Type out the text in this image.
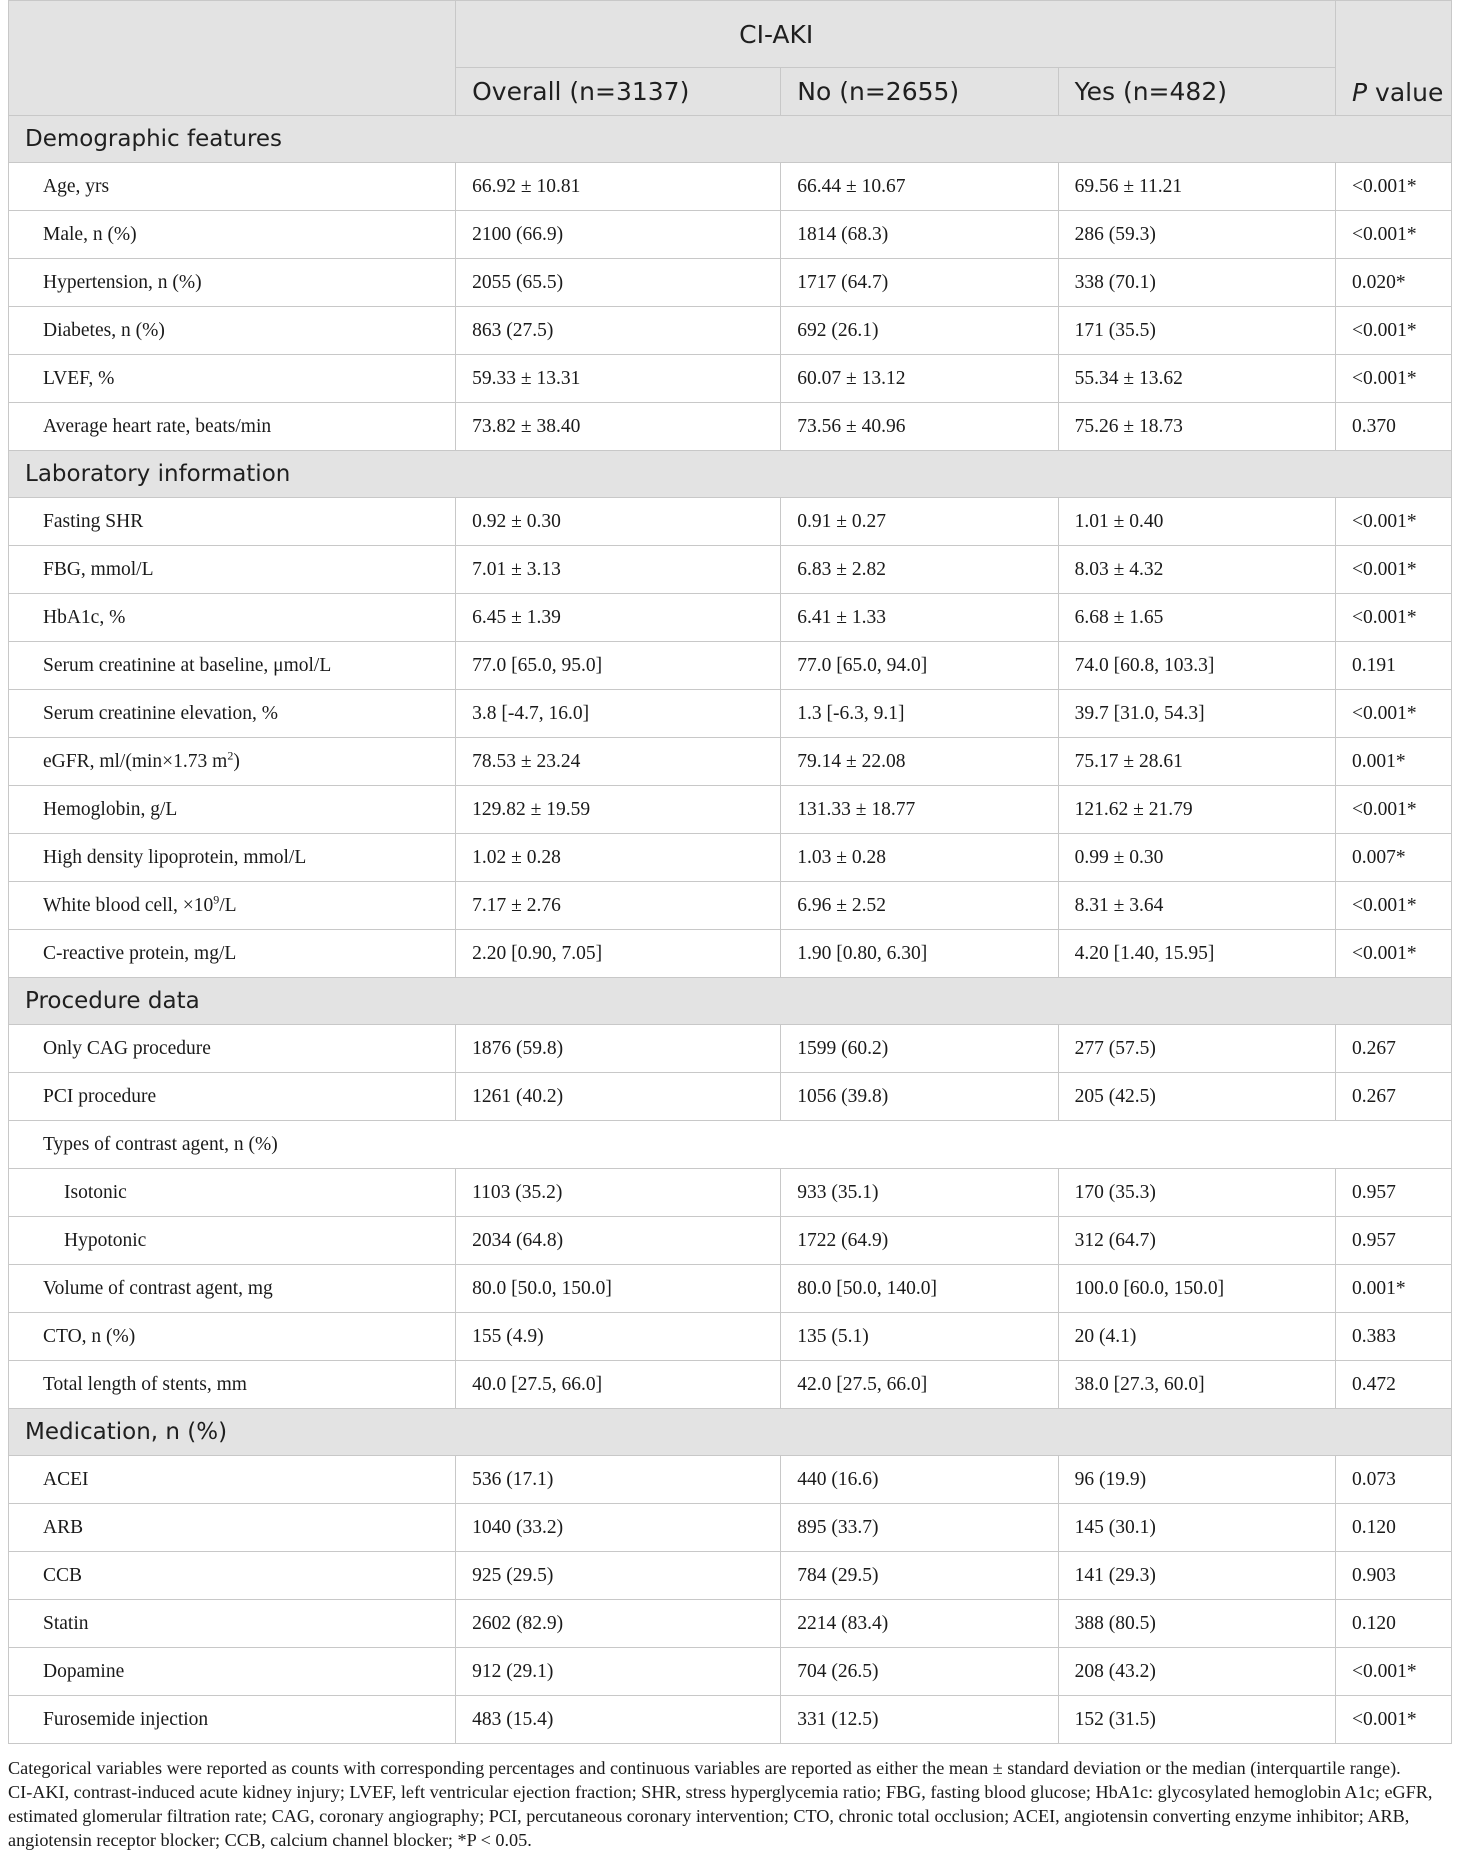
	CI-AKI			P value
	Overall (n=3137)	No (n=2655)	Yes (n=482)	
Demographic features				
Age, yrs	66.92 ± 10.81	66.44 ± 10.67	69.56 ± 11.21	<0.001*
Male, n (%)	2100 (66.9)	1814 (68.3)	286 (59.3)	<0.001*
Hypertension, n (%)	2055 (65.5)	1717 (64.7)	338 (70.1)	0.020*
Diabetes, n (%)	863 (27.5)	692 (26.1)	171 (35.5)	<0.001*
LVEF, %	59.33 ± 13.31	60.07 ± 13.12	55.34 ± 13.62	<0.001*
Average heart rate, beats/min	73.82 ± 38.40	73.56 ± 40.96	75.26 ± 18.73	0.370
Laboratory information				
Fasting SHR	0.92 ± 0.30	0.91 ± 0.27	1.01 ± 0.40	<0.001*
FBG, mmol/L	7.01 ± 3.13	6.83 ± 2.82	8.03 ± 4.32	<0.001*
HbA1c, %	6.45 ± 1.39	6.41 ± 1.33	6.68 ± 1.65	<0.001*
Serum creatinine at baseline, μmol/L	77.0 [65.0, 95.0]	77.0 [65.0, 94.0]	74.0 [60.8, 103.3]	0.191
Serum creatinine elevation, %	3.8 [-4.7, 16.0]	1.3 [-6.3, 9.1]	39.7 [31.0, 54.3]	<0.001*
eGFR, ml/(min×1.73 $m^2$)	78.53 ± 23.24	79.14 ± 22.08	75.17 ± 28.61	0.001*
Hemoglobin, g/L	129.82 ± 19.59	131.33 ± 18.77	121.62 ± 21.79	<0.001*
High density lipoprotein, mmol/L	1.02 ± 0.28	1.03 ± 0.28	0.99 ± 0.30	0.007*
White blood cell, $\times 10^9/L$	7.17 ± 2.76	6.96 ± 2.52	8.31 ± 3.64	<0.001*
C-reactive protein, mg/L	2.20 [0.90, 7.05]	1.90 [0.80, 6.30]	4.20 [1.40, 15.95]	<0.001*
Procedure data				
Only CAG procedure	1876 (59.8)	1599 (60.2)	277 (57.5)	0.267
PCI procedure	1261 (40.2)	1056 (39.8)	205 (42.5)	0.267
Types of contrast agent, n (%)				
Isotonic	1103 (35.2)	933 (35.1)	170 (35.3)	0.957
Hypotonic	2034 (64.8)	1722 (64.9)	312 (64.7)	0.957
Volume of contrast agent, mg	80.0 [50.0, 150.0]	80.0 [50.0, 140.0]	100.0 [60.0, 150.0]	0.001*
CTO, n (%)	155 (4.9)	135 (5.1)	20 (4.1)	0.383
Total length of stents, mm	40.0 [27.5, 66.0]	42.0 [27.5, 66.0]	38.0 [27.3, 60.0]	0.472
Medication, n (%)				
ACEI	536 (17.1)	440 (16.6)	96 (19.9)	0.073
ARB	1040 (33.2)	895 (33.7)	145 (30.1)	0.120
CCB	925 (29.5)	784 (29.5)	141 (29.3)	0.903
Statin	2602 (82.9)	2214 (83.4)	388 (80.5)	0.120
Dopamine	912 (29.1)	704 (26.5)	208 (43.2)	<0.001*
Furosemide injection	483 (15.4)	331 (12.5)	152 (31.5)	<0.001*

Categorical variables were reported as counts with corresponding percentages and continuous variables are reported as either the mean ± standard deviation or the median (interquartile range).

CI-AKI, contrast-induced acute kidney injury; LVEF, left ventricular ejection fraction; SHR, stress hyperglycemia ratio; FBG, fasting blood glucose; HbA1c: glycosylated hemoglobin A1c; eGFR,

estimated glomerular filtration rate; CAG, coronary angiography; PCI, percutaneous coronary intervention; CTO, chronic total occlusion; ACEI, angiotensin converting enzyme inhibitor; ARB,

angiotensin receptor blocker; CCB, calcium channel blocker; *P < 0.05.
